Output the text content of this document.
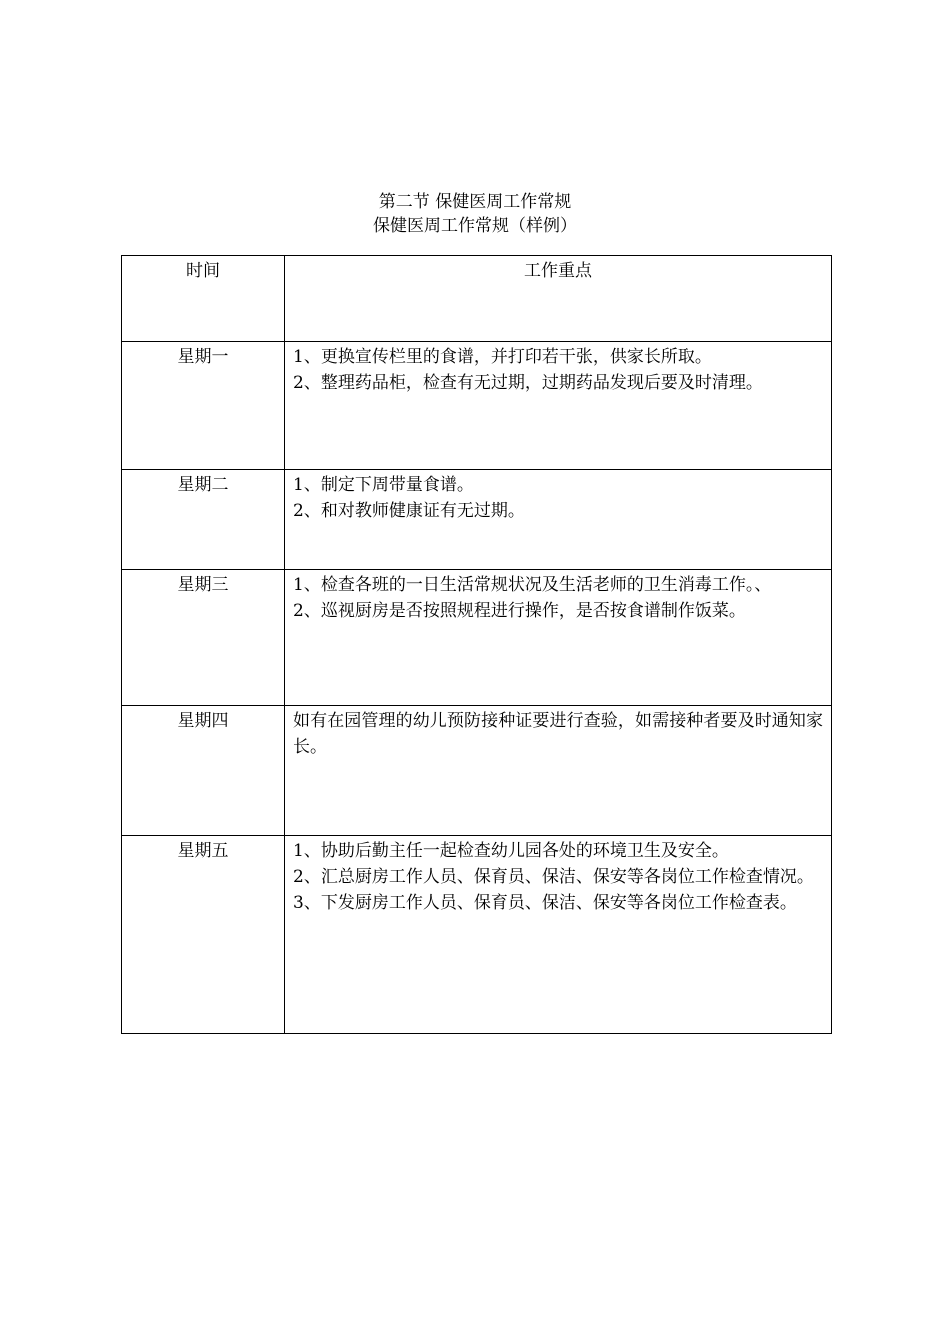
第二节 保健医周工作常规
保健医周工作常规（样例）
时间	工作重点
星期一	1、更换宣传栏里的食谱，并打印若干张，供家长所取。
2、整理药品柜，检查有无过期，过期药品发现后要及时清理。

星期二	1、制定下周带量食谱。
2、和对教师健康证有无过期。

星期三	1、检查各班的一日生活常规状况及生活老师的卫生消毒工作。、
2、巡视厨房是否按照规程进行操作，是否按食谱制作饭菜。

星期四	如有在园管理的幼儿预防接种证要进行查验，如需接种者要及时通知家长。

星期五	1、协助后勤主任一起检查幼儿园各处的环境卫生及安全。
2、汇总厨房工作人员、保育员、保洁、保安等各岗位工作检查情况。
3、下发厨房工作人员、保育员、保洁、保安等各岗位工作检查表。
